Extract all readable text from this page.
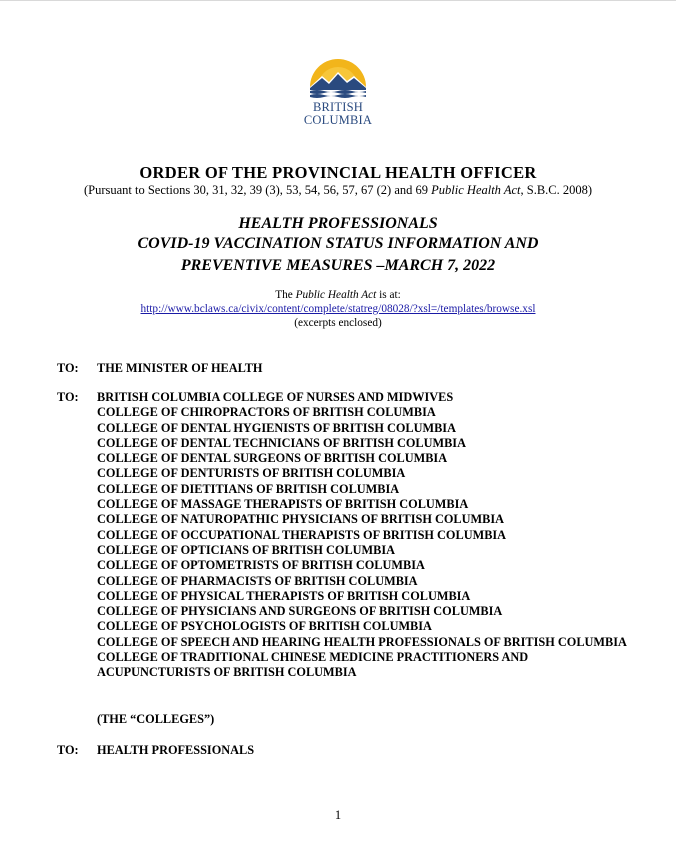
BRITISH
COLUMBIA
ORDER OF THE PROVINCIAL HEALTH OFFICER
(Pursuant to Sections 30, 31, 32, 39 (3), 53, 54, 56, 57, 67 (2) and 69 Public Health Act, S.B.C. 2008)
HEALTH PROFESSIONALS
COVID-19 VACCINATION STATUS INFORMATION AND
PREVENTIVE MEASURES –MARCH 7, 2022
The Public Health Act is at:
http://www.bclaws.ca/civix/content/complete/statreg/08028/?xsl=/templates/browse.xsl
(excerpts enclosed)
TO: THE MINISTER OF HEALTH
TO: BRITISH COLUMBIA COLLEGE OF NURSES AND MIDWIVES
COLLEGE OF CHIROPRACTORS OF BRITISH COLUMBIA
COLLEGE OF DENTAL HYGIENISTS OF BRITISH COLUMBIA
COLLEGE OF DENTAL TECHNICIANS OF BRITISH COLUMBIA
COLLEGE OF DENTAL SURGEONS OF BRITISH COLUMBIA
COLLEGE OF DENTURISTS OF BRITISH COLUMBIA
COLLEGE OF DIETITIANS OF BRITISH COLUMBIA
COLLEGE OF MASSAGE THERAPISTS OF BRITISH COLUMBIA
COLLEGE OF NATUROPATHIC PHYSICIANS OF BRITISH COLUMBIA
COLLEGE OF OCCUPATIONAL THERAPISTS OF BRITISH COLUMBIA
COLLEGE OF OPTICIANS OF BRITISH COLUMBIA
COLLEGE OF OPTOMETRISTS OF BRITISH COLUMBIA
COLLEGE OF PHARMACISTS OF BRITISH COLUMBIA
COLLEGE OF PHYSICAL THERAPISTS OF BRITISH COLUMBIA
COLLEGE OF PHYSICIANS AND SURGEONS OF BRITISH COLUMBIA
COLLEGE OF PSYCHOLOGISTS OF BRITISH COLUMBIA
COLLEGE OF SPEECH AND HEARING HEALTH PROFESSIONALS OF BRITISH COLUMBIA
COLLEGE OF TRADITIONAL CHINESE MEDICINE PRACTITIONERS AND ACUPUNCTURISTS OF BRITISH COLUMBIA
(THE “COLLEGES”)
TO: HEALTH PROFESSIONALS
1
